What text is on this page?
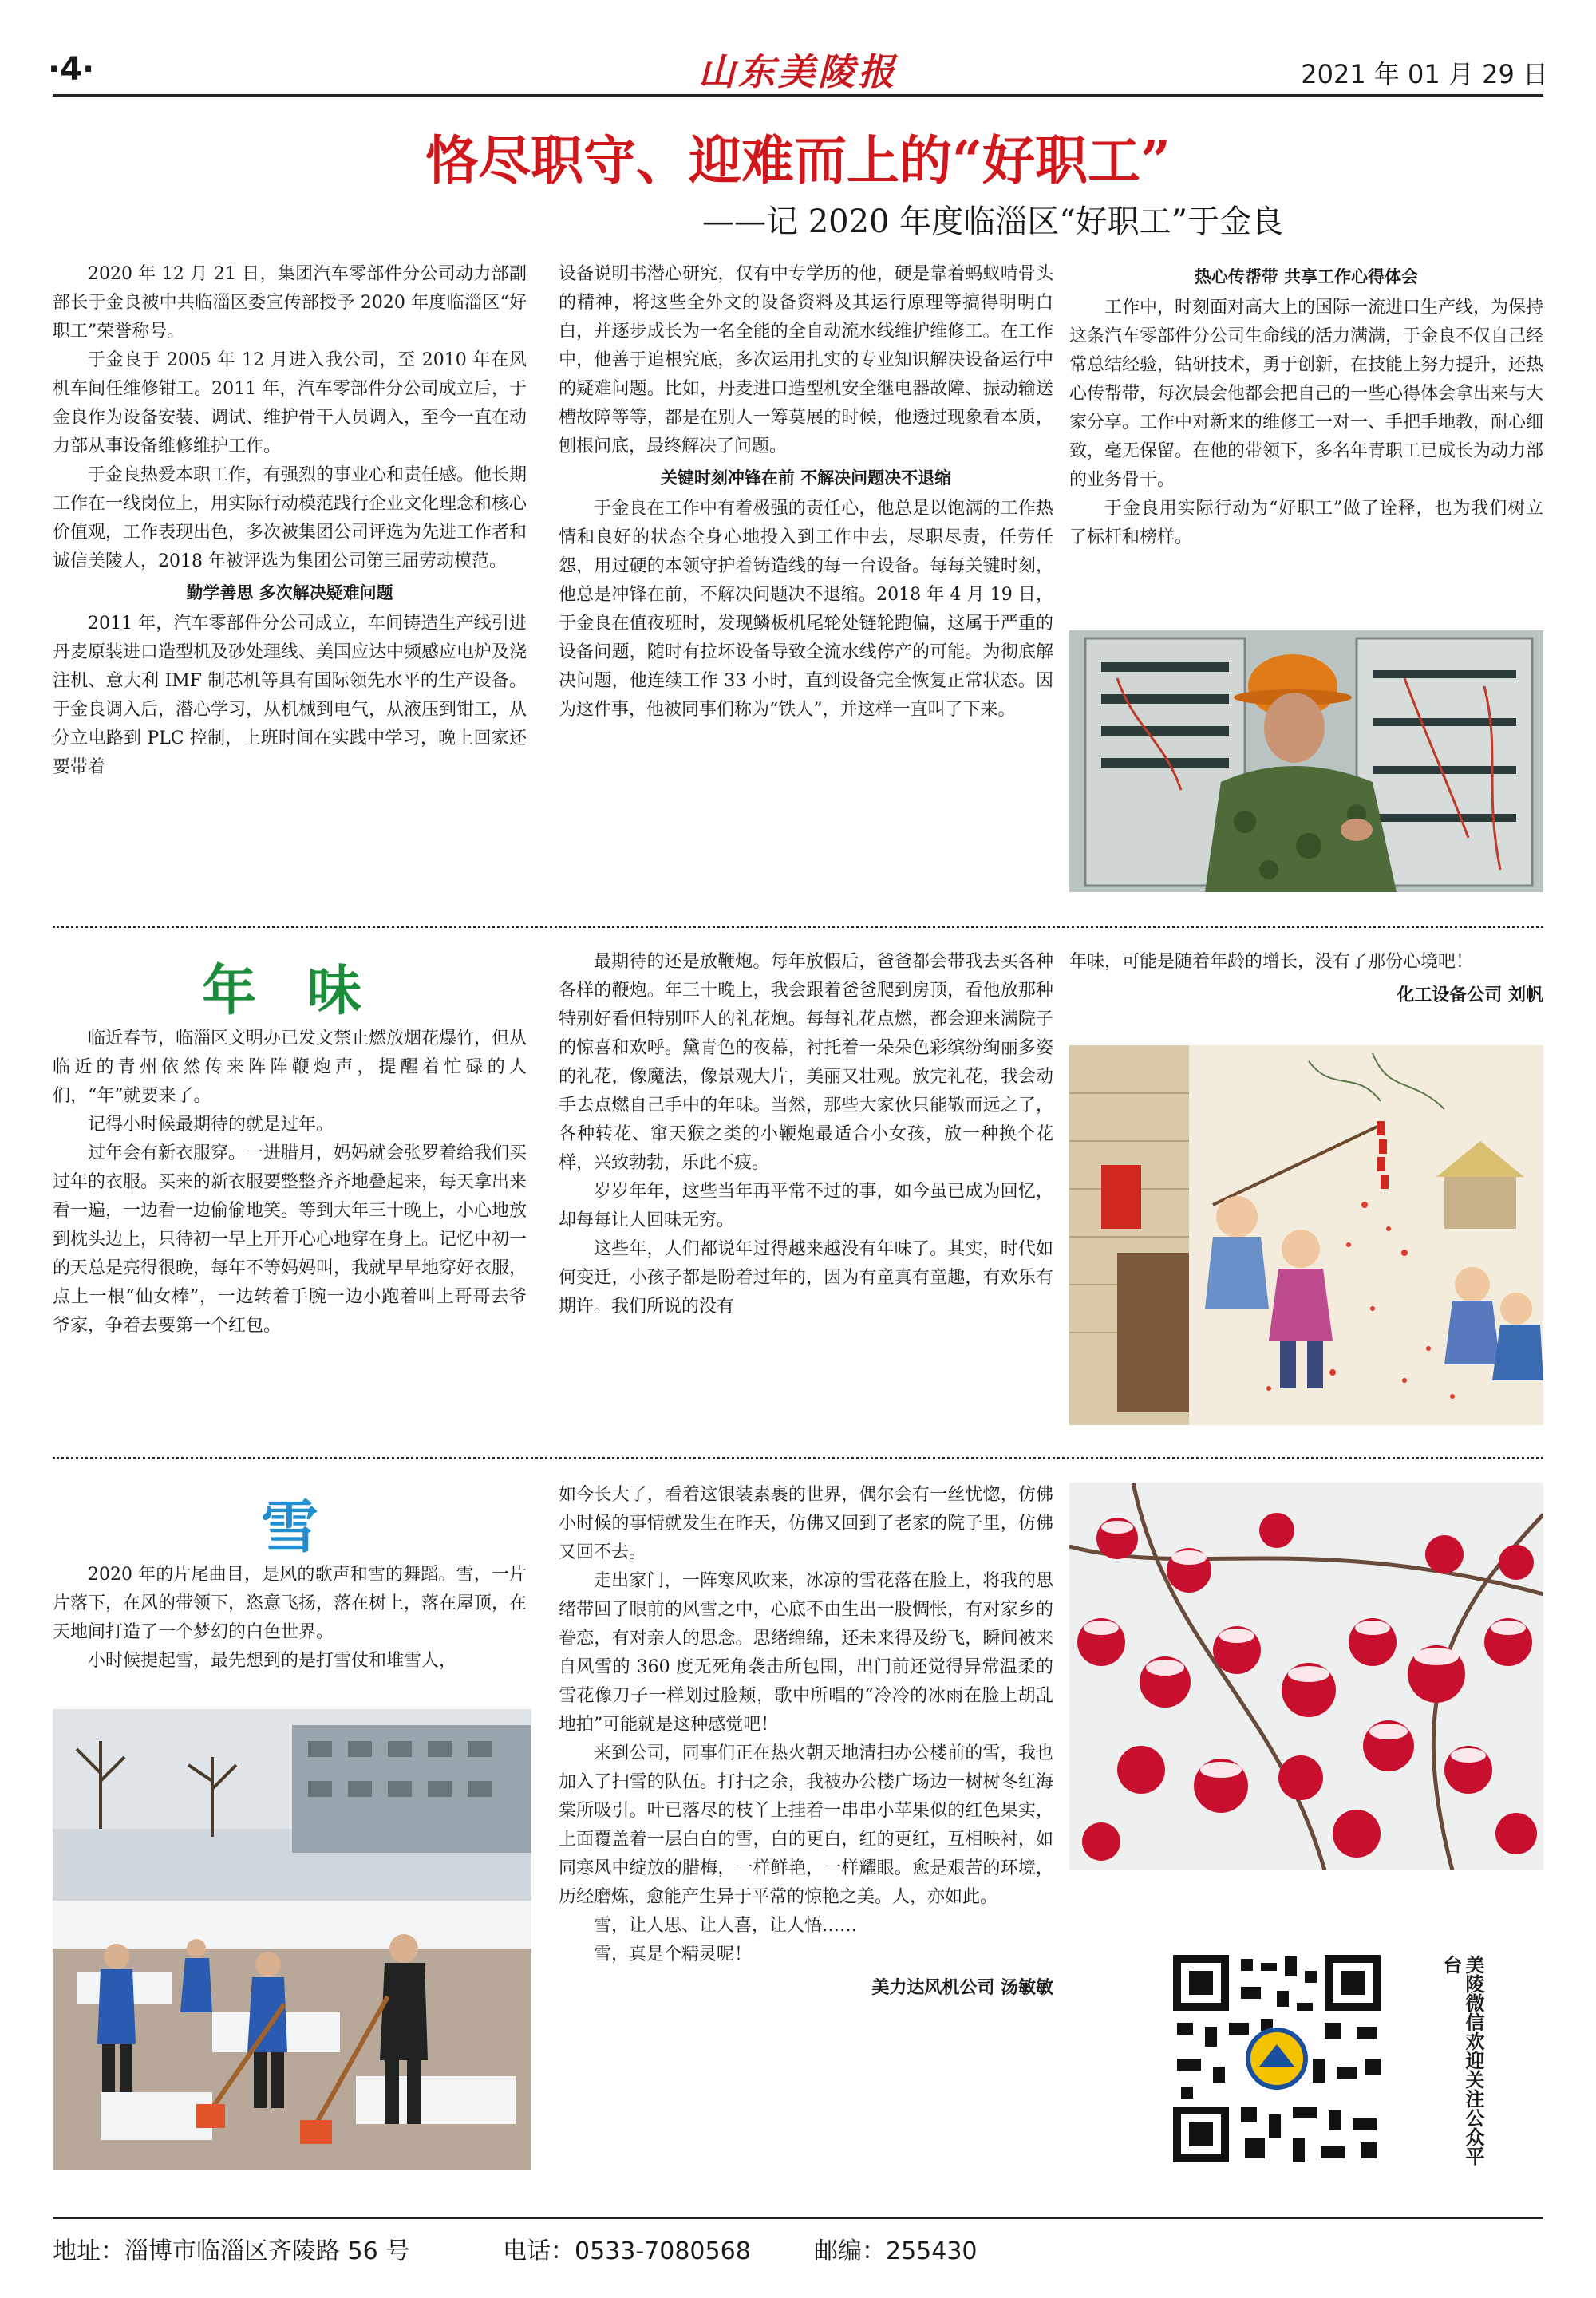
·4·	山东美陵报	2021 年 01 月 29 日
恪尽职守、迎难而上的“好职工”
——记 2020 年度临淄区“好职工”于金良

2020 年 12 月 21 日，集团汽车零部件分公司动力部副部长于金良被中共临淄区委宣传部授予 2020 年度临淄区“好职工”荣誉称号。

于金良于 2005 年 12 月进入我公司，至 2010 年在风机车间任维修钳工。2011 年，汽车零部件分公司成立后，于金良作为设备安装、调试、维护骨干人员调入，至今一直在动力部从事设备维修维护工作。

于金良热爱本职工作，有强烈的事业心和责任感。他长期工作在一线岗位上，用实际行动模范践行企业文化理念和核心价值观，工作表现出色，多次被集团公司评选为先进工作者和诚信美陵人，2018 年被评选为集团公司第三届劳动模范。

勤学善思 多次解决疑难问题

2011 年，汽车零部件分公司成立，车间铸造生产线引进丹麦原装进口造型机及砂处理线、美国应达中频感应电炉及浇注机、意大利 IMF 制芯机等具有国际领先水平的生产设备。于金良调入后，潜心学习，从机械到电气，从液压到钳工，从分立电路到 PLC 控制，上班时间在实践中学习，晚上回家还要带着

设备说明书潜心研究，仅有中专学历的他，硬是靠着蚂蚁啃骨头的精神，将这些全外文的设备资料及其运行原理等搞得明明白白，并逐步成长为一名全能的全自动流水线维护维修工。在工作中，他善于追根究底，多次运用扎实的专业知识解决设备运行中的疑难问题。比如，丹麦进口造型机安全继电器故障、振动输送槽故障等等，都是在别人一筹莫展的时候，他透过现象看本质，刨根问底，最终解决了问题。

关键时刻冲锋在前 不解决问题决不退缩

于金良在工作中有着极强的责任心，他总是以饱满的工作热情和良好的状态全身心地投入到工作中去，尽职尽责，任劳任怨，用过硬的本领守护着铸造线的每一台设备。每每关键时刻，他总是冲锋在前，不解决问题决不退缩。2018 年 4 月 19 日，于金良在值夜班时，发现鳞板机尾轮处链轮跑偏，这属于严重的设备问题，随时有拉坏设备导致全流水线停产的可能。为彻底解决问题，他连续工作 33 小时，直到设备完全恢复正常状态。因为这件事，他被同事们称为“铁人”，并这样一直叫了下来。

热心传帮带 共享工作心得体会

工作中，时刻面对高大上的国际一流进口生产线，为保持这条汽车零部件分公司生命线的活力满满，于金良不仅自己经常总结经验，钻研技术，勇于创新，在技能上努力提升，还热心传帮带，每次晨会他都会把自己的一些心得体会拿出来与大家分享。工作中对新来的维修工一对一、手把手地教，耐心细致，毫无保留。在他的带领下，多名年青职工已成长为动力部的业务骨干。

于金良用实际行动为“好职工”做了诠释，也为我们树立了标杆和榜样。

年 味

临近春节，临淄区文明办已发文禁止燃放烟花爆竹，但从临近的青州依然传来阵阵鞭炮声，提醒着忙碌的人们，“年”就要来了。

记得小时候最期待的就是过年。

过年会有新衣服穿。一进腊月，妈妈就会张罗着给我们买过年的衣服。买来的新衣服要整整齐齐地叠起来，每天拿出来看一遍，一边看一边偷偷地笑。等到大年三十晚上，小心地放到枕头边上，只待初一早上开开心心地穿在身上。记忆中初一的天总是亮得很晚，每年不等妈妈叫，我就早早地穿好衣服，点上一根“仙女棒”，一边转着手腕一边小跑着叫上哥哥去爷爷家，争着去要第一个红包。

最期待的还是放鞭炮。每年放假后，爸爸都会带我去买各种各样的鞭炮。年三十晚上，我会跟着爸爸爬到房顶，看他放那种特别好看但特别吓人的礼花炮。每每礼花点燃，都会迎来满院子的惊喜和欢呼。黛青色的夜幕，衬托着一朵朵色彩缤纷绚丽多姿的礼花，像魔法，像景观大片，美丽又壮观。放完礼花，我会动手去点燃自己手中的年味。当然，那些大家伙只能敬而远之了，各种转花、窜天猴之类的小鞭炮最适合小女孩，放一种换个花样，兴致勃勃，乐此不疲。

岁岁年年，这些当年再平常不过的事，如今虽已成为回忆，却每每让人回味无穷。

这些年，人们都说年过得越来越没有年味了。其实，时代如何变迁，小孩子都是盼着过年的，因为有童真有童趣，有欢乐有期许。我们所说的没有

年味，可能是随着年龄的增长，没有了那份心境吧！

化工设备公司 刘帆

雪

2020 年的片尾曲目，是风的歌声和雪的舞蹈。雪，一片片落下，在风的带领下，恣意飞扬，落在树上，落在屋顶，在天地间打造了一个梦幻的白色世界。

小时候提起雪，最先想到的是打雪仗和堆雪人，

如今长大了，看着这银装素裹的世界，偶尔会有一丝忧惚，仿佛小时候的事情就发生在昨天，仿佛又回到了老家的院子里，仿佛又回不去。

走出家门，一阵寒风吹来，冰凉的雪花落在脸上，将我的思绪带回了眼前的风雪之中，心底不由生出一股惆怅，有对家乡的眷恋，有对亲人的思念。思绪绵绵，还未来得及纷飞，瞬间被来自风雪的 360 度无死角袭击所包围，出门前还觉得异常温柔的雪花像刀子一样划过脸颊，歌中所唱的“冷冷的冰雨在脸上胡乱地拍”可能就是这种感觉吧！

来到公司，同事们正在热火朝天地清扫办公楼前的雪，我也加入了扫雪的队伍。打扫之余，我被办公楼广场边一树树冬红海棠所吸引。叶已落尽的枝丫上挂着一串串小苹果似的红色果实，上面覆盖着一层白白的雪，白的更白，红的更红，互相映衬，如同寒风中绽放的腊梅，一样鲜艳，一样耀眼。愈是艰苦的环境，历经磨炼，愈能产生异于平常的惊艳之美。人，亦如此。

雪，让人思、让人喜，让人悟……

雪，真是个精灵呢！

美力达风机公司 汤敏敏	美陵微信欢迎关注公众平台
地址：淄博市临淄区齐陵路 56 号	电话：0533-7080568	邮编：255430
